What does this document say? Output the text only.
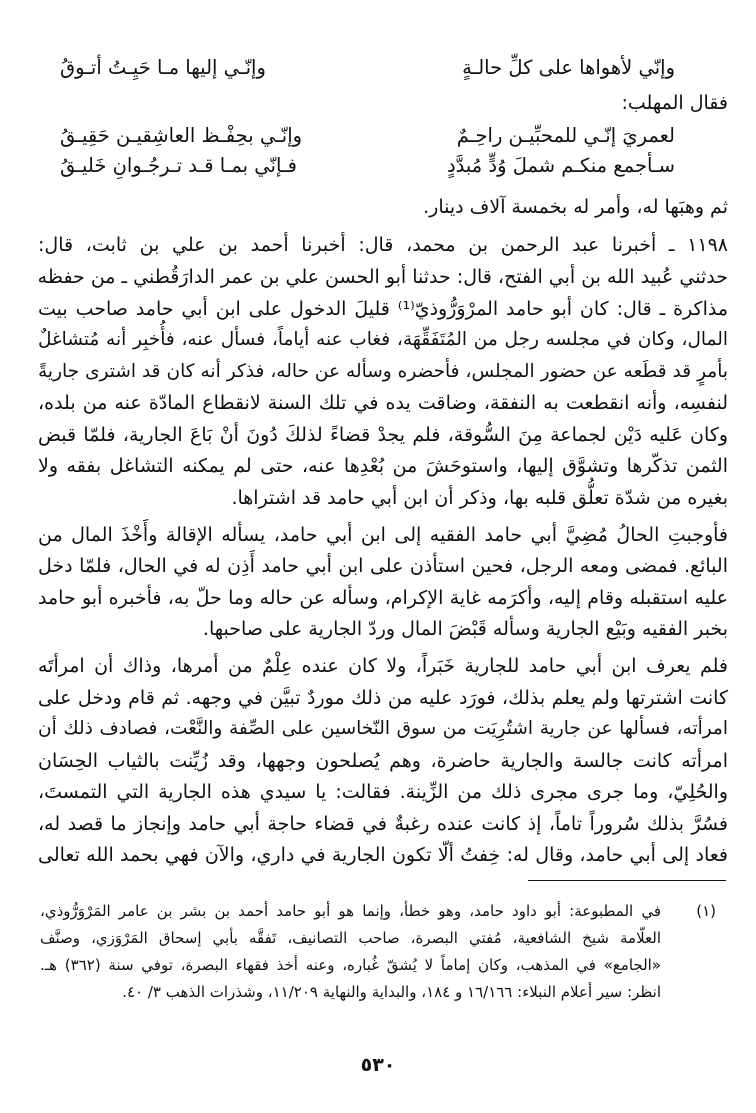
وإنّي لأهواها على كلِّ حالـةٍ
وإنّـي إليها مـا حَيِـتُ أتـوقُ
فقال المهلب:
لعمريَ إنّـي للمحبِّيـن راحِـمٌ
وإنّـي بحِفْـظ العاشِقيـن حَقِيـقُ
سـأجمع منكـم شملَ وُدٍّ مُبدَّدٍ
فـإنّي بمـا قـد تـرجُـوانِ خَليـقُ
ثم وهبَها له، وأمر له بخمسة آلاف دينار.
١١٩٨ ـ أخبرنا عبد الرحمن بن محمد، قال: أخبرنا أحمد بن علي بن ثابت، قال:
حدثني عُبيد الله بن أبي الفتح، قال: حدثنا أبو الحسن علي بن عمر الدارَقُطني ـ من حفظه
مذاكرة ـ قال: كان أبو حامد المرْوَرُّوذيّ⁽¹⁾ قليلَ الدخول على ابن أبي حامد صاحب بيت
المال، وكان في مجلسه رجل من المُتَفَقِّهَة، فغاب عنه أياماً، فسأل عنه، فأُخبِر أنه مُتشاغلٌ
بأمرٍ قد قطَعه عن حضور المجلس، فأحضره وسأله عن حاله، فذكر أنه كان قد اشترى جاريةً
لنفسِه، وأنه انقطعت به النفقة، وضاقت يده في تلك السنة لانقطاع المادّة عنه من بلده،
وكان عَليه دَيْن لجماعة مِنَ السُّوقة، فلم يجدْ قضاءً لذلكَ دُونَ أنْ بَاعَ الجارية، فلمّا قبض
الثمن تذكّرها وتشوَّق إليها، واستوحَشَ من بُعْدِها عنه، حتى لم يمكنه التشاغل بفقه ولا
بغيره من شدّة تعلُّق قلبه بها، وذكر أن ابن أبي حامد قد اشتراها.
فأوجبتِ الحالُ مُضِيَّ أبي حامد الفقيه إلى ابن أبي حامد، يسأله الإقالة وأَخْذَ المال من
البائع. فمضى ومعه الرجل، فحين استأذن على ابن أبي حامد أَذِن له في الحال، فلمّا دخل
عليه استقبله وقام إليه، وأكرَمه غاية الإكرام، وسأله عن حاله وما حلّ به، فأخبره أبو حامد
بخبر الفقيه وبَيْع الجارية وسأله قَبْضَ المال وردّ الجارية على صاحبها.
فلم يعرف ابن أبي حامد للجارية خَبَراً، ولا كان عنده عِلْمٌ من أمرها، وذاك أن امرأتَه
كانت اشترتها ولم يعلم بذلك، فورَد عليه من ذلك موردٌ تبيَّن في وجهه. ثم قام ودخل على
امرأته، فسألها عن جارية اشتُرِيَت من سوق النّخاسين على الصِّفة والنَّعْت، فصادف ذلك أن
امرأته كانت جالسة والجارية حاضرة، وهم يُصلحون وجهها، وقد زُيِّنت بالثياب الحِسَان
والحُلِيّ، وما جرى مجرى ذلك من الزِّينة. فقالت: يا سيدي هذه الجارية التي التمستَ،
فسُرَّ بذلك سُروراً تاماً، إذ كانت عنده رغبةٌ في قضاء حاجة أبي حامد وإنجاز ما قصد له،
فعاد إلى أبي حامد، وقال له: خِفتُ ألّا تكون الجارية في داري، والآن فهي بحمد الله تعالى
(١)
في المطبوعة: أبو داود حامد، وهو خطأ، وإنما هو أبو حامد أحمد بن بشر بن عامر المَرْوَرُّوذي،
العلّامة شيخ الشافعية، مُفتي البصرة، صاحب التصانيف، تَفقَّه بأبي إسحاق المَرْوَزي، وصنَّف
«الجامع» في المذهب، وكان إماماً لا يُشقّ غُباره، وعنه أخذ فقهاء البصرة، توفي سنة (٣٦٢) هـ.
انظر: سير أعلام النبلاء: ١٦/١٦٦ و ١٨٤، والبداية والنهاية ١١/٢٠٩، وشذرات الذهب ٣/ ٤٠.
٥٣٠
